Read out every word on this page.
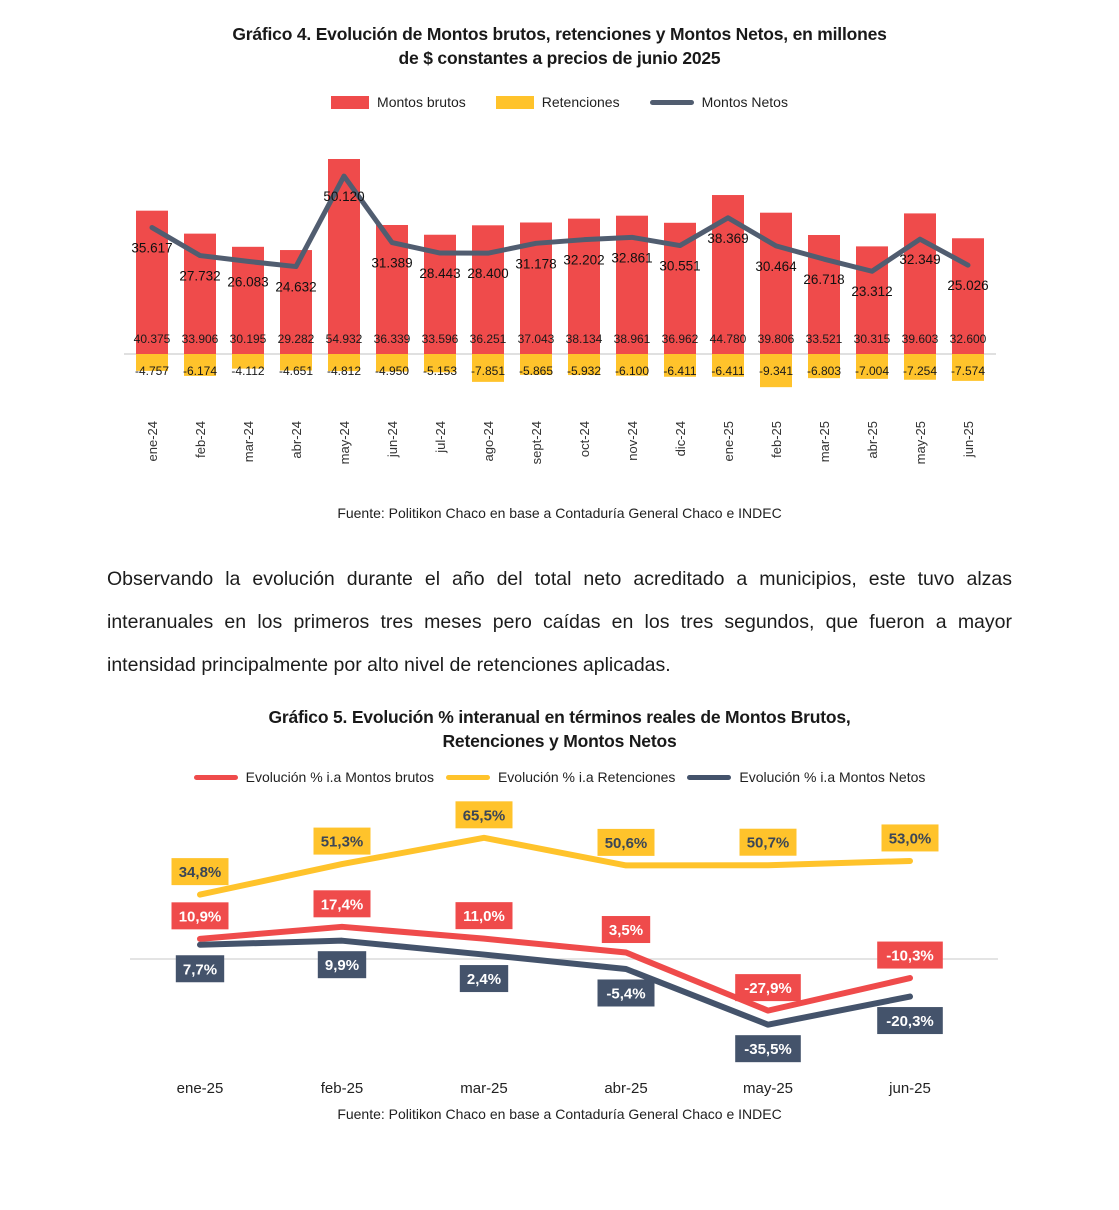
Gráfico 4. Evolución de Montos brutos, retenciones y Montos Netos, en millones
de $ constantes a precios de junio 2025
Montos brutos	Retenciones	Montos Netos
40.375 33.906 30.195 29.282 54.932 36.339 33.596 36.251 37.043 38.134 38.961 36.962 44.780 39.806 33.521 30.315 39.603 32.600
-4.757 -6.174 -4.112 -4.651 -4.812 -4.950 -5.153 -7.851 -5.865 -5.932 -6.100 -6.411 -6.411 -9.341 -6.803 -7.004 -7.254 -7.574
35.617
27.732 26.083 24.632
50.120
31.389
28.443 28.400
31.178 32.202 32.861
30.551
38.369
30.464
26.718
23.312
32.349
25.026
ene-24	feb-24	mar-24	abr-24	may-24	jun-24	jul-24	ago-24	sept-24	oct-24	nov-24	dic-24	ene-25	feb-25	mar-25	abr-25	may-25	jun-25
Fuente: Politikon Chaco en base a Contaduría General Chaco e INDEC

Observando la evolución durante el año del total neto acreditado a municipios, este tuvo alzas interanuales en los primeros tres meses pero caídas en los tres segundos, que fueron a mayor intensidad principalmente por alto nivel de retenciones aplicadas.

Gráfico 5. Evolución % interanual en términos reales de Montos Brutos,
Retenciones y Montos Netos
Evolución % i.a Montos brutos	Evolución % i.a Retenciones	Evolución % i.a Montos Netos
10,9%
17,4%
11,0%
3,5%
-27,9%
-10,3%
34,8%
51,3%
65,5%
50,6%	50,7%	53,0%
7,7%	9,9%
2,4%
-5,4%
-35,5%
-20,3%
ene-25	feb-25	mar-25	abr-25	may-25	jun-25
Fuente: Politikon Chaco en base a Contaduría General Chaco e INDEC
